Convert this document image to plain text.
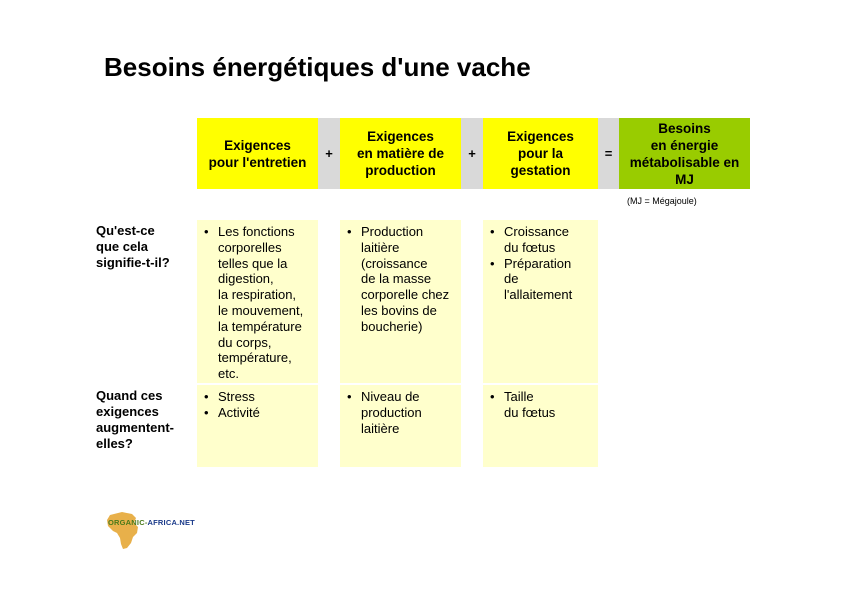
Besoins énergétiques d'une vache
Exigences
pour l'entretien
+
Exigences
en matière de
production
+
Exigences
pour la
gestation
=
Besoins
en énergie
métabolisable en
MJ
(MJ = Mégajoule)
Qu'est-ce
que cela
signifie-t-il?
• Les fonctions
corporelles
telles que la
digestion,
la respiration,
le mouvement,
la température
du corps,
température,
etc.
• Production
laitière
(croissance
de la masse
corporelle chez
les bovins de
boucherie)
• Croissance
du fœtus
• Préparation
de
l'allaitement
Quand ces
exigences
augmentent-
elles?
• Stress
• Activité
• Niveau de
production
laitière
• Taille
du fœtus
ORGANIC-AFRICA.NET
